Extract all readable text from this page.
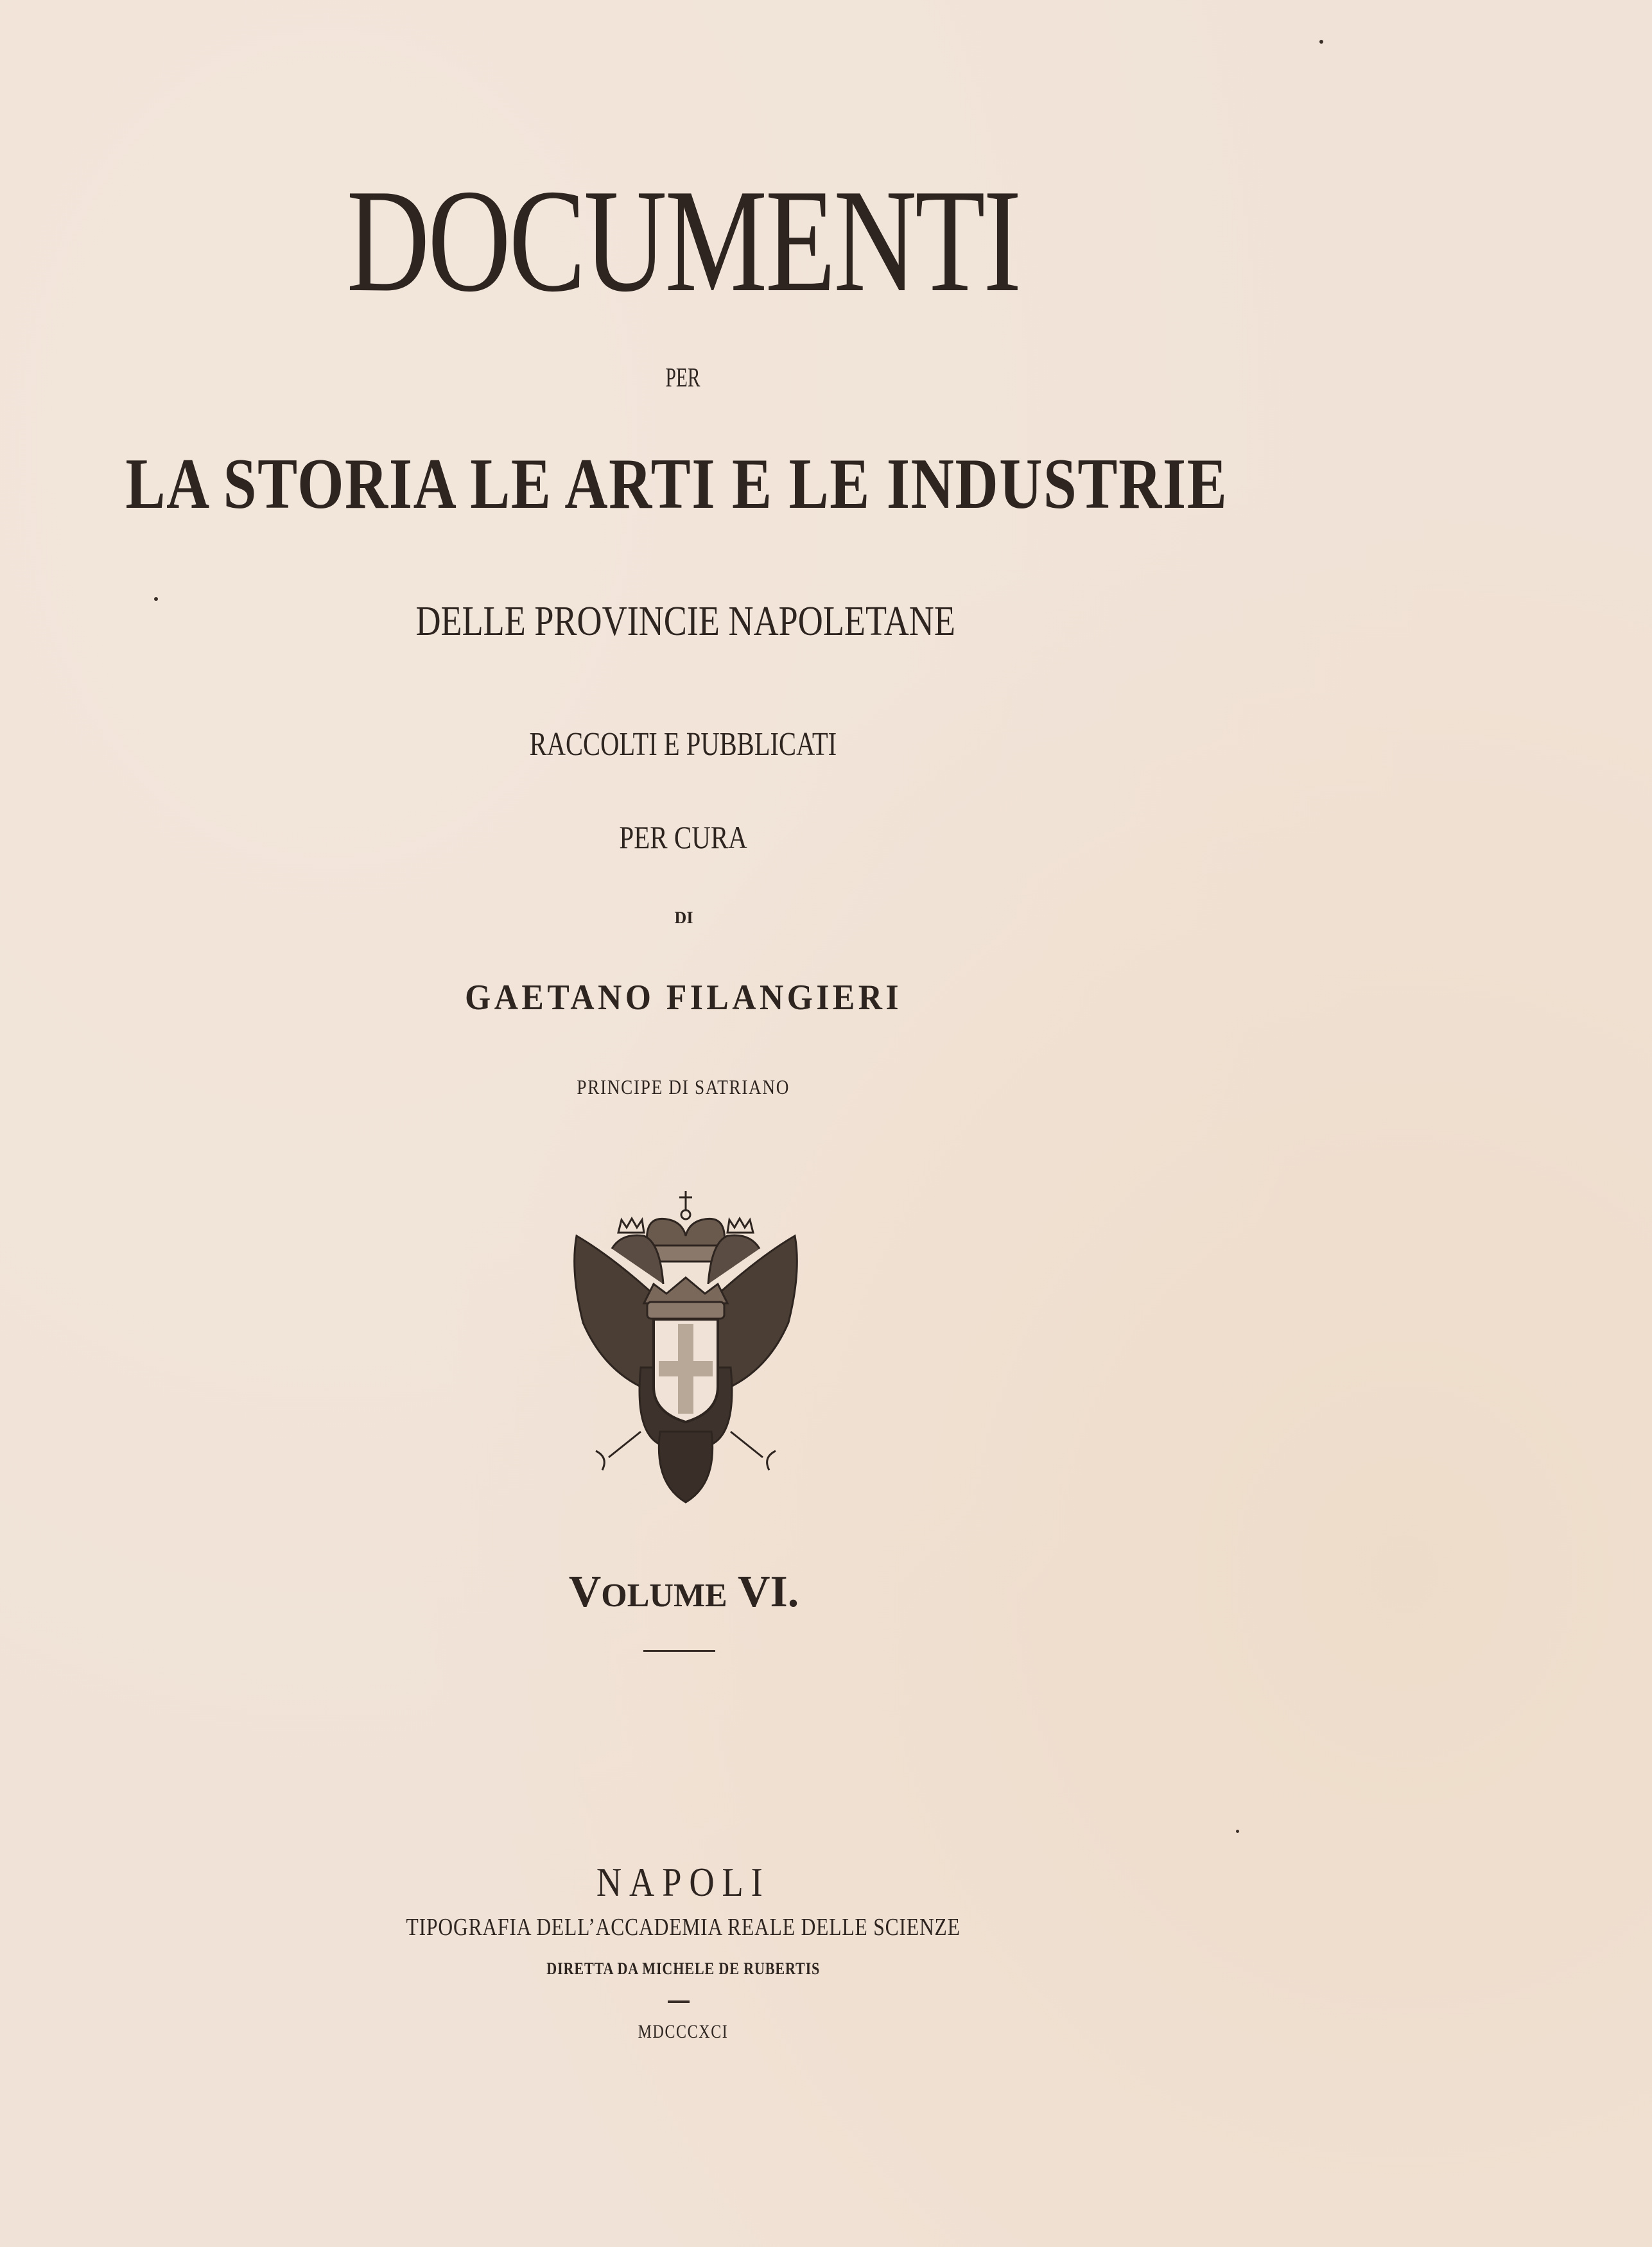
DOCUMENTI
PER
LA STORIA LE ARTI E LE INDUSTRIE
DELLE PROVINCIE NAPOLETANE
RACCOLTI E PUBBLICATI
PER CURA
DI
GAETANO FILANGIERI
PRINCIPE DI SATRIANO
VOLUME VI.
NAPOLI
TIPOGRAFIA DELL’ACCADEMIA REALE DELLE SCIENZE
DIRETTA DA MICHELE DE RUBERTIS
MDCCCXCI
